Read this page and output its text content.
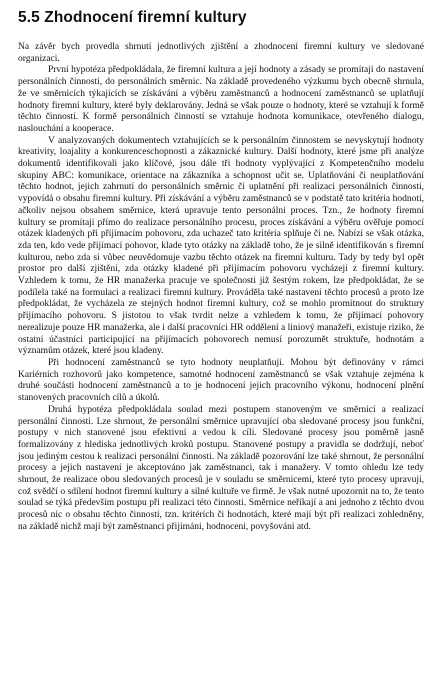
5.5 Zhodnocení firemní kultury

Na závěr bych provedla shrnutí jednotlivých zjištění a zhodnocení firemní kultury ve sledované organizaci.

První hypotéza předpokládala, že firemní kultura a její hodnoty a zásady se promítají do nastavení personálních činností, do personálních směrnic. Na základě provedeného výzkumu bych obecně shrnula, že ve směrnicích týkajících se získávání a výběru zaměstnanců a hodnocení zaměstnanců se uplatňují hodnoty firemní kultury, které byly deklarovány. Jedná se však pouze o hodnoty, které se vztahují k formě těchto činností. K formě personálních činností se vztahuje hodnota komunikace, otevřeného dialogu, naslouchání a kooperace.

V analyzovaných dokumentech vztahujících se k personálním činnostem se nevyskytují hodnoty kreativity, loajality a konkurenceschopnosti a zákaznické kultury. Další hodnoty, které jsme při analýze dokumentů identifikovali jako klíčové, jsou dále tři hodnoty vyplývající z Kompetenčního modelu skupiny ABC: komunikace, orientace na zákazníka a schopnost učit se. Uplatňování či neuplatňování těchto hodnot, jejich zahrnutí do personálních směrnic či uplatnění při realizaci personálních činností, vypovídá o obsahu firemní kultury. Při získávání a výběru zaměstnanců se v podstatě tato kritéria hodnotí, ačkoliv nejsou obsahem směrnice, která upravuje tento personální proces. Tzn., že hodnoty firemní kultury se promítají přímo do realizace personálního procesu, proces získávání a výběru ověřuje pomocí otázek kladených při přijímacím pohovoru, zda uchazeč tato kritéria splňuje či ne. Nabízí se však otázka, zda ten, kdo vede přijímací pohovor, klade tyto otázky na základě toho, že je silně identifikován s firemní kulturou, nebo zda si vůbec neuvědomuje vazbu těchto otázek na firemní kulturu. Tady by tedy byl opět prostor pro další zjištění, zda otázky kladené při přijímacím pohovoru vycházejí z firemní kultury. Vzhledem k tomu, že HR manažerka pracuje ve společnosti již šestým rokem, lze předpokládat, že se podílela také na formulaci a realizaci firemní kultury. Prováděla také nastavení těchto procesů a proto lze předpokládat, že vycházela ze stejných hodnot firemní kultury, což se mohlo promítnout do struktury přijímacího pohovoru. S jistotou to však tvrdit nelze a vzhledem k tomu, že přijímací pohovory nerealizuje pouze HR manažerka, ale i další pracovníci HR oddělení a liniový manažeři, existuje riziko, že ostatní účastníci participující na přijímacích pohovorech nemusí porozumět struktuře, hodnotám a významům otázek, které jsou kladeny.

Při hodnocení zaměstnanců se tyto hodnoty neuplatňují. Mohou být definovány v rámci Kariérních rozhovorů jako kompetence, samotné hodnocení zaměstnanců se však vztahuje zejména k druhé součásti hodnocení zaměstnanců a to je hodnocení jejich pracovního výkonu, hodnocení plnění stanovených pracovních cílů a úkolů.

Druhá hypotéza předpokládala soulad mezi postupem stanoveným ve směrnicí a realizací personální činnosti. Lze shrnout, že personální směrnice upravující oba sledované procesy jsou funkční, postupy v nich stanovené jsou efektivní a vedou k cíli. Sledované procesy jsou poměrně jasně formalizovány z hlediska jednotlivých kroků postupu. Stanovené postupy a pravidla se dodržují, neboť jsou jediným cestou k realizaci personální činnosti. Na základě pozorování lze také shrnout, že personální procesy a jejich nastavení je akceptováno jak zaměstnanci, tak i manažery. V tomto ohledu lze tedy shrnout, že realizace obou sledovaných procesů je v souladu se směrnicemi, které tyto procesy upravují, což svědčí o sdílení hodnot firemní kultury a silné kultuře ve firmě. Je však nutné upozornit na to, že tento soulad se týká především postupu při realizaci této činnosti. Směrnice neříkají a ani jednoho z těchto dvou procesů nic o obsahu těchto činností, tzn. kritérích či hodnotách, které mají být při realizaci zohledněny, na základě nichž mají být zaměstnanci přijímáni, hodnoceni, povyšováni atd.
